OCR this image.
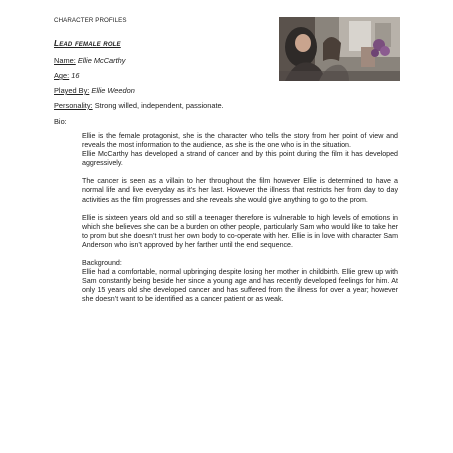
CHARACTER PROFILES
Lead female role
Name: Ellie McCarthy
Age: 16
Played By: Ellie Weedon
Personality: Strong willed, independent, passionate.
Bio:

Ellie is the female protagonist, she is the character who tells the story from her point of view and reveals the most information to the audience, as she is the one who is in the situation.

Ellie McCarthy has developed a strand of cancer and by this point during the film it has developed aggressively.

The cancer is seen as a villain to her throughout the film however Ellie is determined to have a normal life and live everyday as it’s her last. However the illness that restricts her from day to day activities as the film progresses and she reveals she would give anything to go to the prom.

Ellie is sixteen years old and so still a teenager therefore is vulnerable to high levels of emotions in which she believes she can be a burden on other people, particularly Sam who would like to take her to prom but she doesn’t trust her own body to co-operate with her. Ellie is in love with character Sam Anderson who isn’t approved by her farther until the end sequence.

Background:

Ellie had a comfortable, normal upbringing despite losing her mother in childbirth. Ellie grew up with Sam constantly being beside her since a young age and has recently developed feelings for him. At only 15 years old she developed cancer and has suffered from the illness for over a year; however she doesn’t want to be identified as a cancer patient or as weak.
